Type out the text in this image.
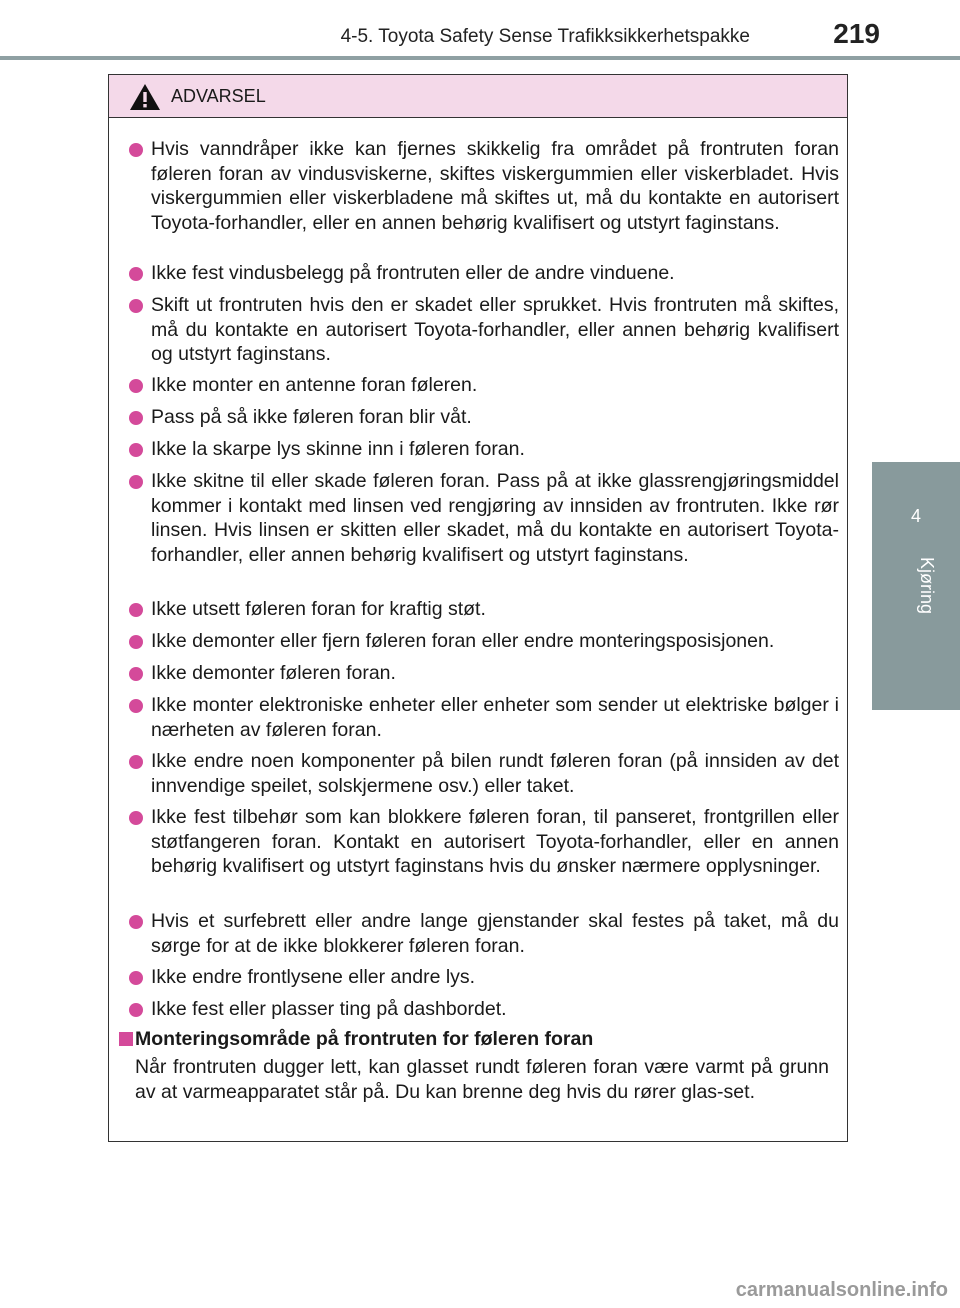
4-5. Toyota Safety Sense Trafikksikkerhetspakke	219
4
Kjøring
ADVARSEL
Hvis vanndråper ikke kan fjernes skikkelig fra området på frontruten foran føleren foran av vindusviskerne, skiftes viskergummien eller viskerbladet. Hvis viskergummien eller viskerbladene må skiftes ut, må du kontakte en autorisert Toyota-forhandler, eller en annen behørig kvalifisert og utstyrt faginstans.
Ikke fest vindusbelegg på frontruten eller de andre vinduene.
Skift ut frontruten hvis den er skadet eller sprukket. Hvis frontruten må skiftes, må du kontakte en autorisert Toyota-forhandler, eller annen behørig kvalifisert og utstyrt faginstans.
Ikke monter en antenne foran føleren.
Pass på så ikke føleren foran blir våt.
Ikke la skarpe lys skinne inn i føleren foran.
Ikke skitne til eller skade føleren foran. Pass på at ikke glassrengjøringsmiddel kommer i kontakt med linsen ved rengjøring av innsiden av frontruten. Ikke rør linsen. Hvis linsen er skitten eller skadet, må du kontakte en autorisert Toyota-forhandler, eller annen behørig kvalifisert og utstyrt faginstans.
Ikke utsett føleren foran for kraftig støt.
Ikke demonter eller fjern føleren foran eller endre monteringsposisjonen.
Ikke demonter føleren foran.
Ikke monter elektroniske enheter eller enheter som sender ut elektriske bølger i nærheten av føleren foran.
Ikke endre noen komponenter på bilen rundt føleren foran (på innsiden av det innvendige speilet, solskjermene osv.) eller taket.
Ikke fest tilbehør som kan blokkere føleren foran, til panseret, frontgrillen eller støtfangeren foran. Kontakt en autorisert Toyota-forhandler, eller en annen behørig kvalifisert og utstyrt faginstans hvis du ønsker nærmere opplysninger.
Hvis et surfebrett eller andre lange gjenstander skal festes på taket, må du sørge for at de ikke blokkerer føleren foran.
Ikke endre frontlysene eller andre lys.
Ikke fest eller plasser ting på dashbordet.
Monteringsområde på frontruten for føleren foran
Når frontruten dugger lett, kan glasset rundt føleren foran være varmt på grunn av at varmeapparatet står på. Du kan brenne deg hvis du rører glas-set.
carmanualsonline.info
